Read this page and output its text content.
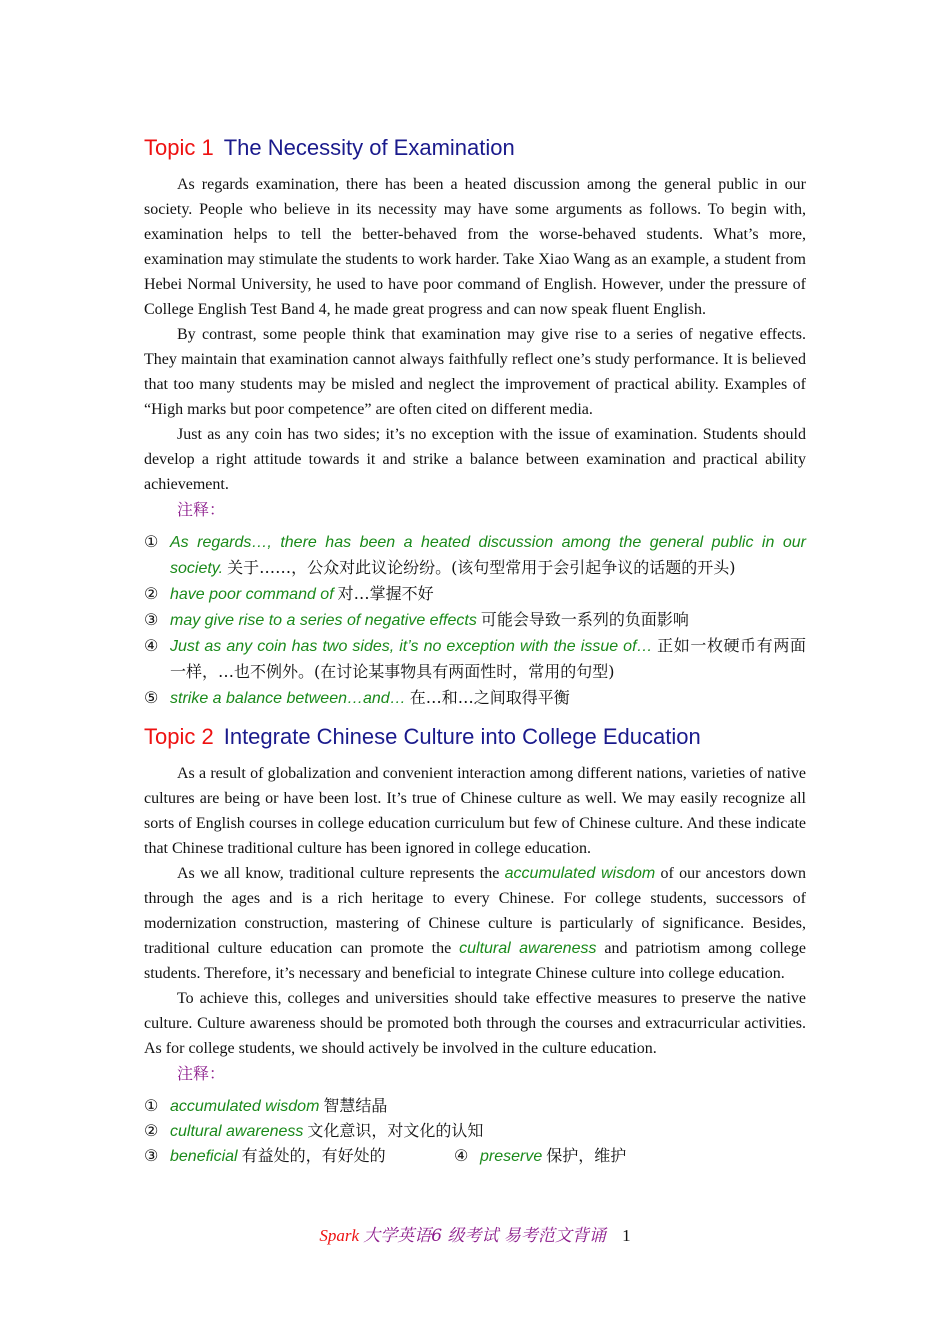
Topic 1 The Necessity of Examination

As regards examination, there has been a heated discussion among the general public in our society. People who believe in its necessity may have some arguments as follows. To begin with, examination helps to tell the better-behaved from the worse-behaved students. What’s more, examination may stimulate the students to work harder. Take Xiao Wang as an example, a student from Hebei Normal University, he used to have poor command of English. However, under the pressure of College English Test Band 4, he made great progress and can now speak fluent English.

By contrast, some people think that examination may give rise to a series of negative effects. They maintain that examination cannot always faithfully reflect one’s study performance. It is believed that too many students may be misled and neglect the improvement of practical ability. Examples of “High marks but poor competence” are often cited on different media.

Just as any coin has two sides; it’s no exception with the issue of examination. Students should develop a right attitude towards it and strike a balance between examination and practical ability achievement.

注释：

① As regards…, there has been a heated discussion among the general public in our society. 关于……，公众对此议论纷纷。(该句型常用于会引起争议的话题的开头)

② have poor command of 对…掌握不好

③ may give rise to a series of negative effects 可能会导致一系列的负面影响

④ Just as any coin has two sides, it’s no exception with the issue of… 正如一枚硬币有两面一样，…也不例外。(在讨论某事物具有两面性时，常用的句型)

⑤ strike a balance between…and… 在…和…之间取得平衡

Topic 2 Integrate Chinese Culture into College Education

As a result of globalization and convenient interaction among different nations, varieties of native cultures are being or have been lost. It’s true of Chinese culture as well. We may easily recognize all sorts of English courses in college education curriculum but few of Chinese culture. And these indicate that Chinese traditional culture has been ignored in college education.

As we all know, traditional culture represents the accumulated wisdom of our ancestors down through the ages and is a rich heritage to every Chinese. For college students, successors of modernization construction, mastering of Chinese culture is particularly of significance. Besides, traditional culture education can promote the cultural awareness and patriotism among college students. Therefore, it’s necessary and beneficial to integrate Chinese culture into college education.

To achieve this, colleges and universities should take effective measures to preserve the native culture. Culture awareness should be promoted both through the courses and extracurricular activities. As for college students, we should actively be involved in the culture education.

注释：

① accumulated wisdom 智慧结晶

② cultural awareness 文化意识，对文化的认知

③ beneficial 有益处的，有好处的	④ preserve 保护，维护

Spark 大学英语6 级考试 易考范文背诵 1
